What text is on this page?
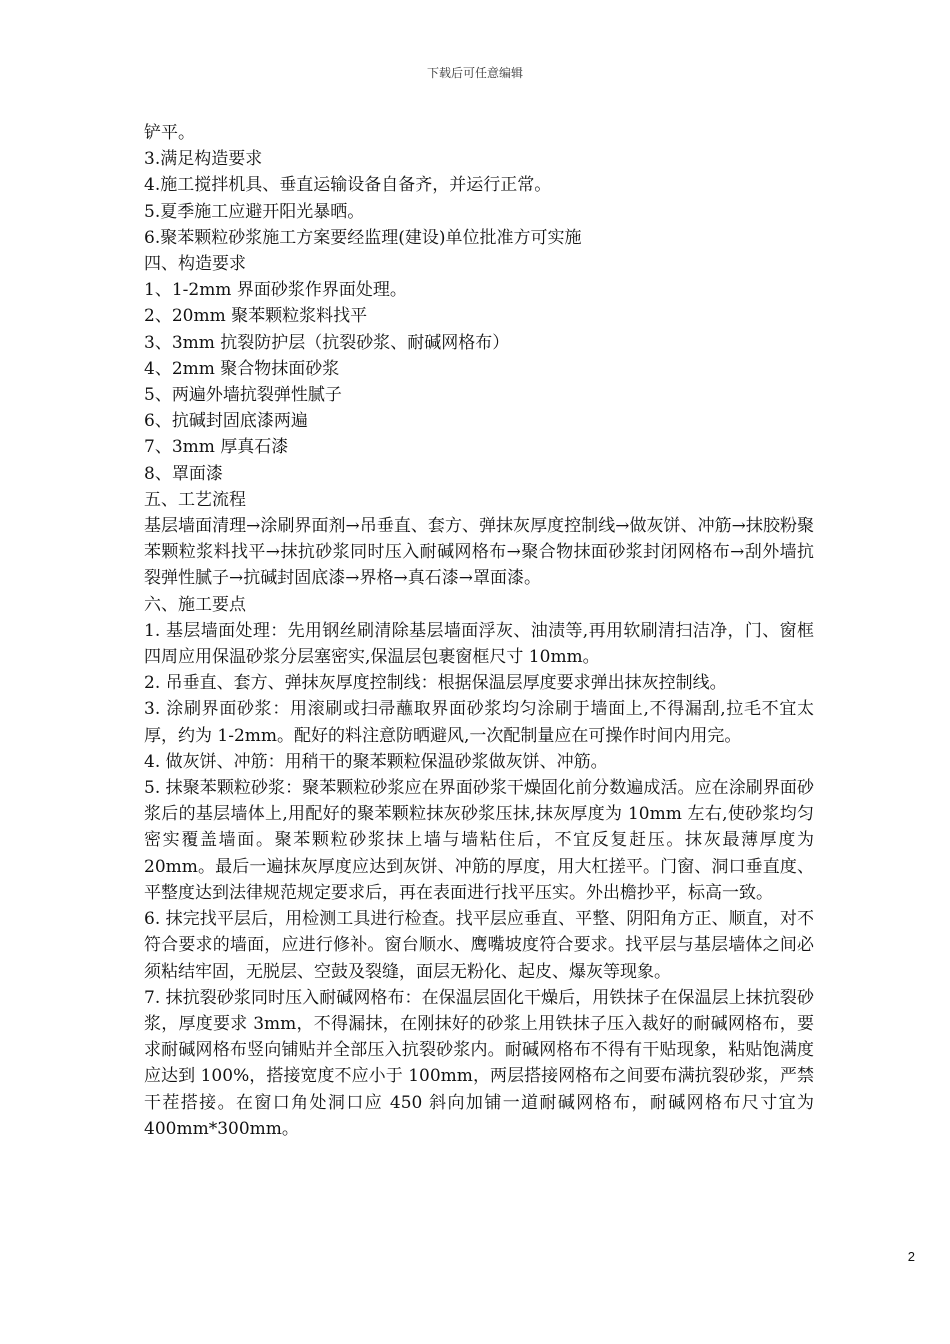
下载后可任意编辑
铲平。
3.满足构造要求
4.施工搅拌机具、垂直运输设备自备齐，并运行正常。
5.夏季施工应避开阳光暴晒。
6.聚苯颗粒砂浆施工方案要经监理(建设)单位批准方可实施
四、构造要求
1、1-2mm 界面砂浆作界面处理。
2、20mm 聚苯颗粒浆料找平
3、3mm 抗裂防护层（抗裂砂浆、耐碱网格布）
4、2mm 聚合物抹面砂浆
5、两遍外墙抗裂弹性腻子
6、抗碱封固底漆两遍
7、3mm 厚真石漆
8、罩面漆
五、工艺流程
基层墙面清理→涂刷界面剂→吊垂直、套方、弹抹灰厚度控制线→做灰饼、冲筋→抹胶粉聚苯颗粒浆料找平→抹抗砂浆同时压入耐碱网格布→聚合物抹面砂浆封闭网格布→刮外墙抗裂弹性腻子→抗碱封固底漆→界格→真石漆→罩面漆。
六、施工要点
1. 基层墙面处理：先用钢丝刷清除基层墙面浮灰、油渍等,再用软刷清扫洁净，门、窗框四周应用保温砂浆分层塞密实,保温层包裹窗框尺寸 10mm。
2. 吊垂直、套方、弹抹灰厚度控制线：根据保温层厚度要求弹出抹灰控制线。
3. 涂刷界面砂浆：用滚刷或扫帚蘸取界面砂浆均匀涂刷于墙面上,不得漏刮,拉毛不宜太厚，约为 1-2mm。配好的料注意防晒避风,一次配制量应在可操作时间内用完。
4. 做灰饼、冲筋：用稍干的聚苯颗粒保温砂浆做灰饼、冲筋。
5. 抹聚苯颗粒砂浆：聚苯颗粒砂浆应在界面砂浆干燥固化前分数遍成活。应在涂刷界面砂浆后的基层墙体上,用配好的聚苯颗粒抹灰砂浆压抹,抹灰厚度为 10mm 左右,使砂浆均匀密实覆盖墙面。聚苯颗粒砂浆抹上墙与墙粘住后，不宜反复赶压。抹灰最薄厚度为 20mm。最后一遍抹灰厚度应达到灰饼、冲筋的厚度，用大杠搓平。门窗、洞口垂直度、平整度达到法律规范规定要求后，再在表面进行找平压实。外出檐抄平，标高一致。
6. 抹完找平层后，用检测工具进行检查。找平层应垂直、平整、阴阳角方正、顺直，对不符合要求的墙面，应进行修补。窗台顺水、鹰嘴坡度符合要求。找平层与基层墙体之间必须粘结牢固，无脱层、空鼓及裂缝，面层无粉化、起皮、爆灰等现象。
7. 抹抗裂砂浆同时压入耐碱网格布：在保温层固化干燥后，用铁抹子在保温层上抹抗裂砂浆，厚度要求 3mm，不得漏抹，在刚抹好的砂浆上用铁抹子压入裁好的耐碱网格布，要求耐碱网格布竖向铺贴并全部压入抗裂砂浆内。耐碱网格布不得有干贴现象，粘贴饱满度应达到 100%，搭接宽度不应小于 100mm，两层搭接网格布之间要布满抗裂砂浆，严禁干茬搭接。在窗口角处洞口应 450 斜向加铺一道耐碱网格布，耐碱网格布尺寸宜为 400mm*300mm。
2
